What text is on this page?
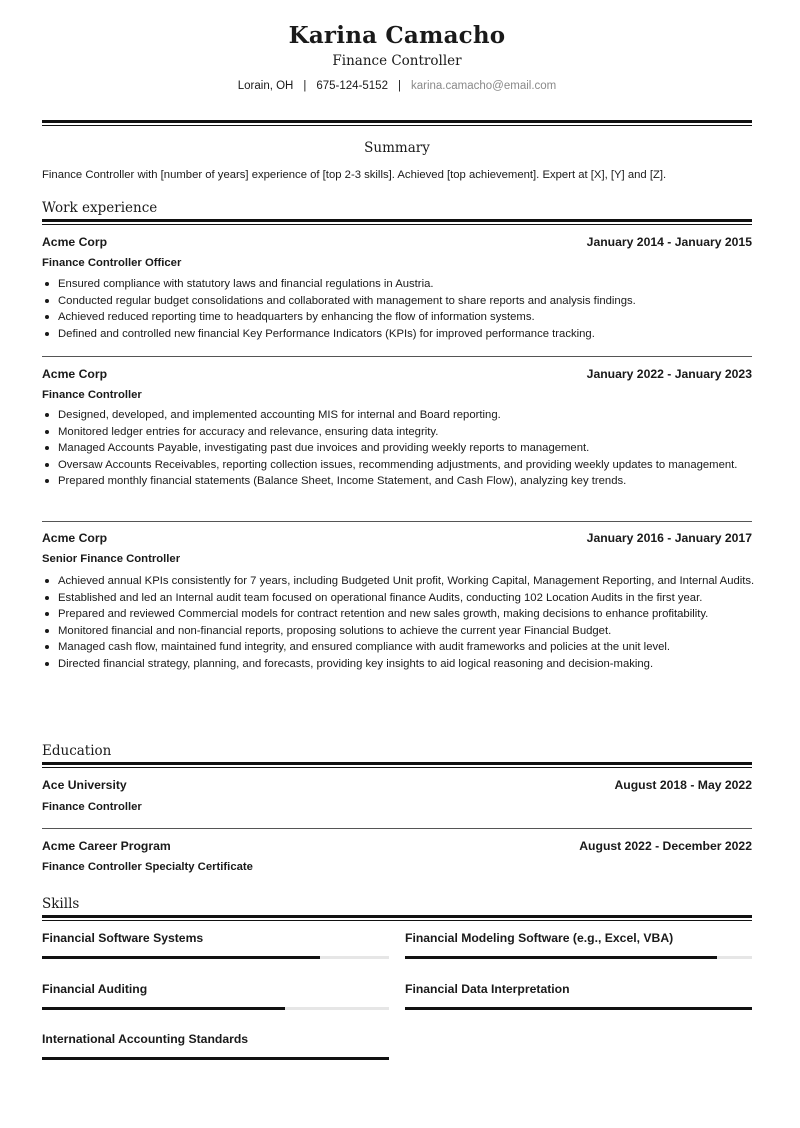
Karina Camacho
Finance Controller
Lorain, OH | 675-124-5152 | karina.camacho@email.com
Summary
Finance Controller with [number of years] experience of [top 2-3 skills]. Achieved [top achievement]. Expert at [X], [Y] and [Z].
Work experience
Acme Corp	January 2014 - January 2015
Finance Controller Officer
Ensured compliance with statutory laws and financial regulations in Austria.
Conducted regular budget consolidations and collaborated with management to share reports and analysis findings.
Achieved reduced reporting time to headquarters by enhancing the flow of information systems.
Defined and controlled new financial Key Performance Indicators (KPIs) for improved performance tracking.
Acme Corp	January 2022 - January 2023
Finance Controller
Designed, developed, and implemented accounting MIS for internal and Board reporting.
Monitored ledger entries for accuracy and relevance, ensuring data integrity.
Managed Accounts Payable, investigating past due invoices and providing weekly reports to management.
Oversaw Accounts Receivables, reporting collection issues, recommending adjustments, and providing weekly updates to management.
Prepared monthly financial statements (Balance Sheet, Income Statement, and Cash Flow), analyzing key trends.
Acme Corp	January 2016 - January 2017
Senior Finance Controller
Achieved annual KPIs consistently for 7 years, including Budgeted Unit profit, Working Capital, Management Reporting, and Internal Audits.
Established and led an Internal audit team focused on operational finance Audits, conducting 102 Location Audits in the first year.
Prepared and reviewed Commercial models for contract retention and new sales growth, making decisions to enhance profitability.
Monitored financial and non-financial reports, proposing solutions to achieve the current year Financial Budget.
Managed cash flow, maintained fund integrity, and ensured compliance with audit frameworks and policies at the unit level.
Directed financial strategy, planning, and forecasts, providing key insights to aid logical reasoning and decision-making.
Education
Ace University	August 2018 - May 2022
Finance Controller
Acme Career Program	August 2022 - December 2022
Finance Controller Specialty Certificate
Skills
Financial Software Systems	Financial Modeling Software (e.g., Excel, VBA)
Financial Auditing	Financial Data Interpretation
International Accounting Standards
